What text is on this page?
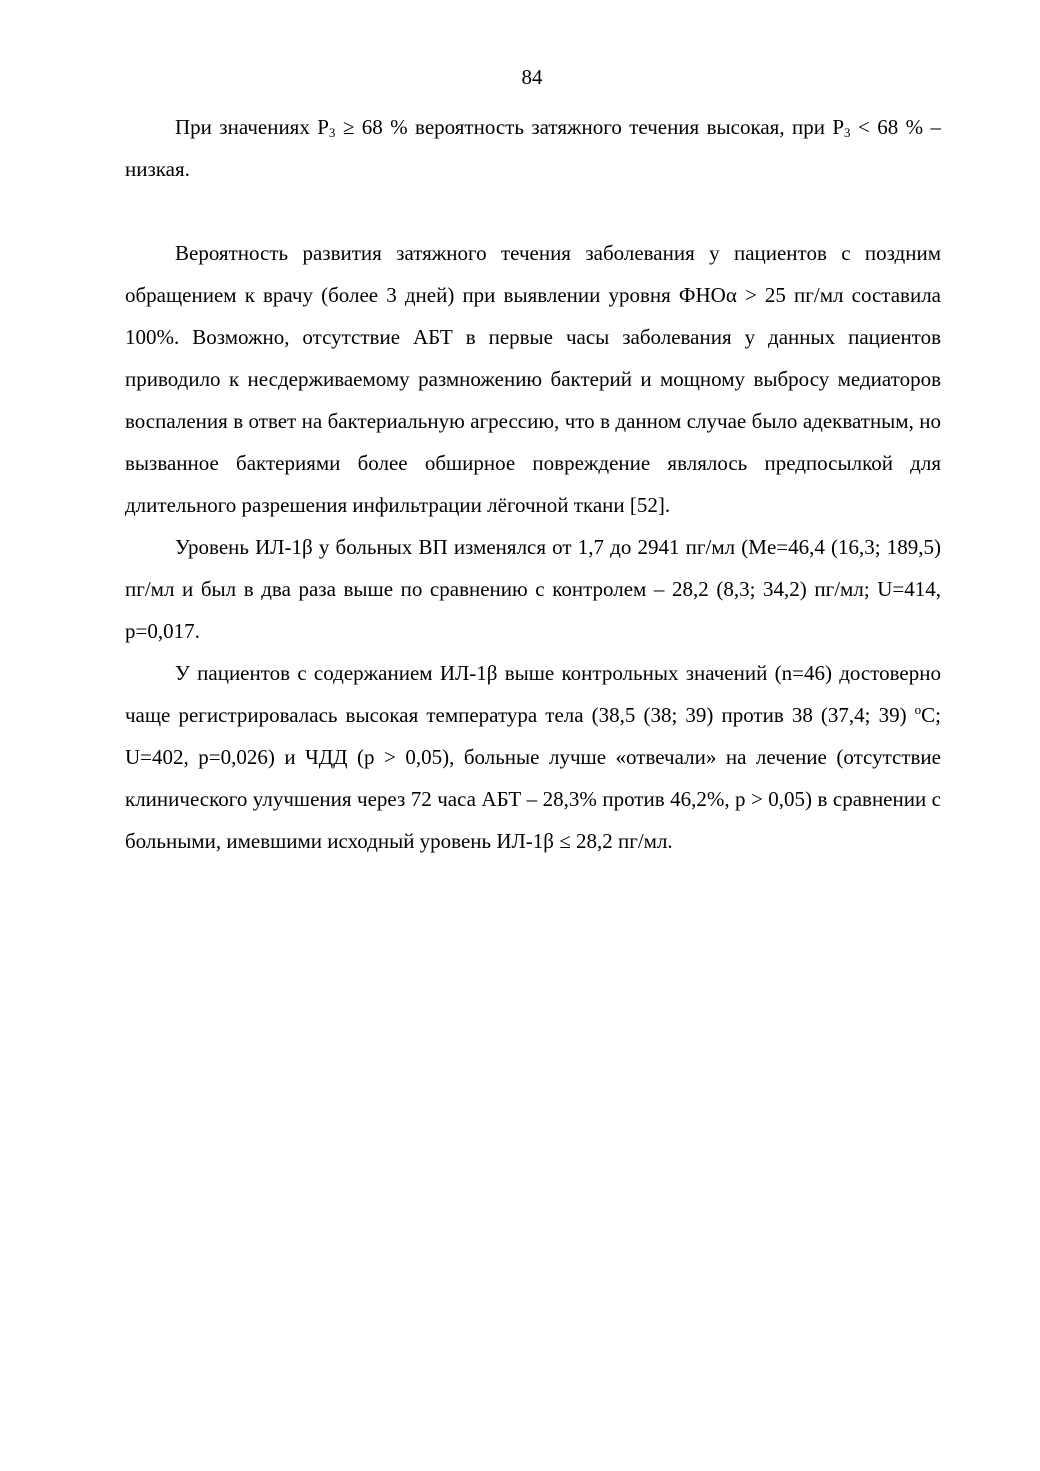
84

При значениях $Р_3 \ge 68$ % вероятность затяжного течения высокая, при $Р_3 < 68$ % – низкая.

Вероятность развития затяжного течения заболевания у пациентов с поздним обращением к врачу (более 3 дней) при выявлении уровня ФНОα > 25 пг/мл составила 100%. Возможно, отсутствие АБТ в первые часы заболевания у данных пациентов приводило к несдерживаемому размножению бактерий и мощному выбросу медиаторов воспаления в ответ на бактериальную агрессию, что в данном случае было адекватным, но вызванное бактериями более обширное повреждение являлось предпосылкой для длительного разрешения инфильтрации лёгочной ткани [52].

Уровень ИЛ-1β у больных ВП изменялся от 1,7 до 2941 пг/мл (Me=46,4 (16,3; 189,5) пг/мл и был в два раза выше по сравнению с контролем – 28,2 (8,3; 34,2) пг/мл; U=414, p=0,017.

У пациентов с содержанием ИЛ-1β выше контрольных значений (n=46) достоверно чаще регистрировалась высокая температура тела (38,5 (38; 39) против 38 (37,4; 39) $^о$С; U=402, p=0,026) и ЧДД (p > 0,05), больные лучше «отвечали» на лечение (отсутствие клинического улучшения через 72 часа АБТ – 28,3% против 46,2%, p > 0,05) в сравнении с больными, имевшими исходный уровень ИЛ-1β ≤ 28,2 пг/мл.
